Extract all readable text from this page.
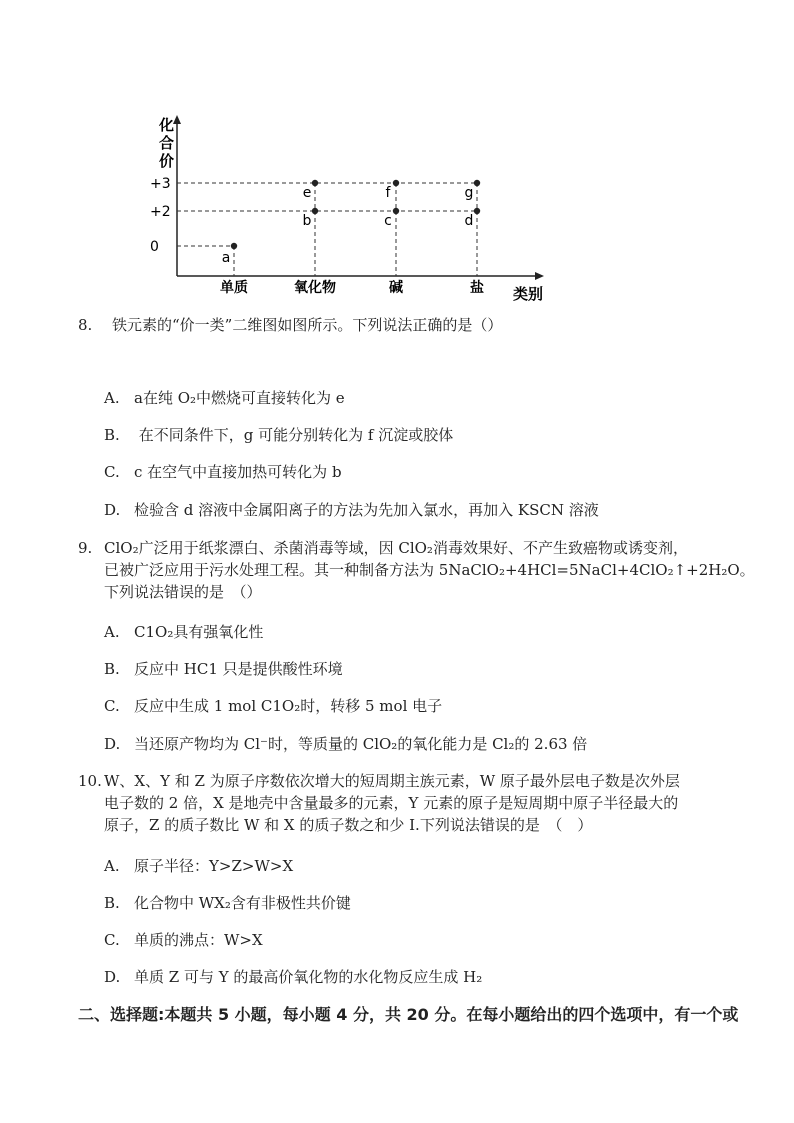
+3
+2
0
单质	氧化物	碱	盐
a
b
e
c
f
d
g
化
合
价
类别
8. 铁元素的“价一类”二维图如图所示。下列说法正确的是（）
A. a在纯 O₂中燃烧可直接转化为 e
B. 在不同条件下，g 可能分别转化为 f 沉淀或胶体
C. c 在空气中直接加热可转化为 b
D. 检验含 d 溶液中金属阳离子的方法为先加入氯水，再加入 KSCN 溶液
9. ClO₂广泛用于纸浆漂白、杀菌消毒等域，因 ClO₂消毒效果好、不产生致癌物或诱变剂，
已被广泛应用于污水处理工程。其一种制备方法为 5NaClO₂+4HCl=5NaCl+4ClO₂↑+2H₂O。
下列说法错误的是　（）
A. C1O₂具有强氧化性
B. 反应中 HC1 只是提供酸性环境
C. 反应中生成 1 mol C1O₂时，转移 5 mol 电子
D. 当还原产物均为 Cl⁻时，等质量的 ClO₂的氧化能力是 Cl₂的 2.63 倍
10. W、X、Y 和 Z 为原子序数依次增大的短周期主族元素，W 原子最外层电子数是次外层
电子数的 2 倍，X 是地壳中含量最多的元素，Y 元素的原子是短周期中原子半径最大的
原子，Z 的质子数比 W 和 X 的质子数之和少 I.下列说法错误的是　（　）
A. 原子半径：Y>Z>W>X
B. 化合物中 WX₂含有非极性共价键
C. 单质的沸点：W>X
D. 单质 Z 可与 Y 的最高价氧化物的水化物反应生成 H₂
二、选择题:本题共 5 小题，每小题 4 分，共 20 分。在每小题给出的四个选项中，有一个或
